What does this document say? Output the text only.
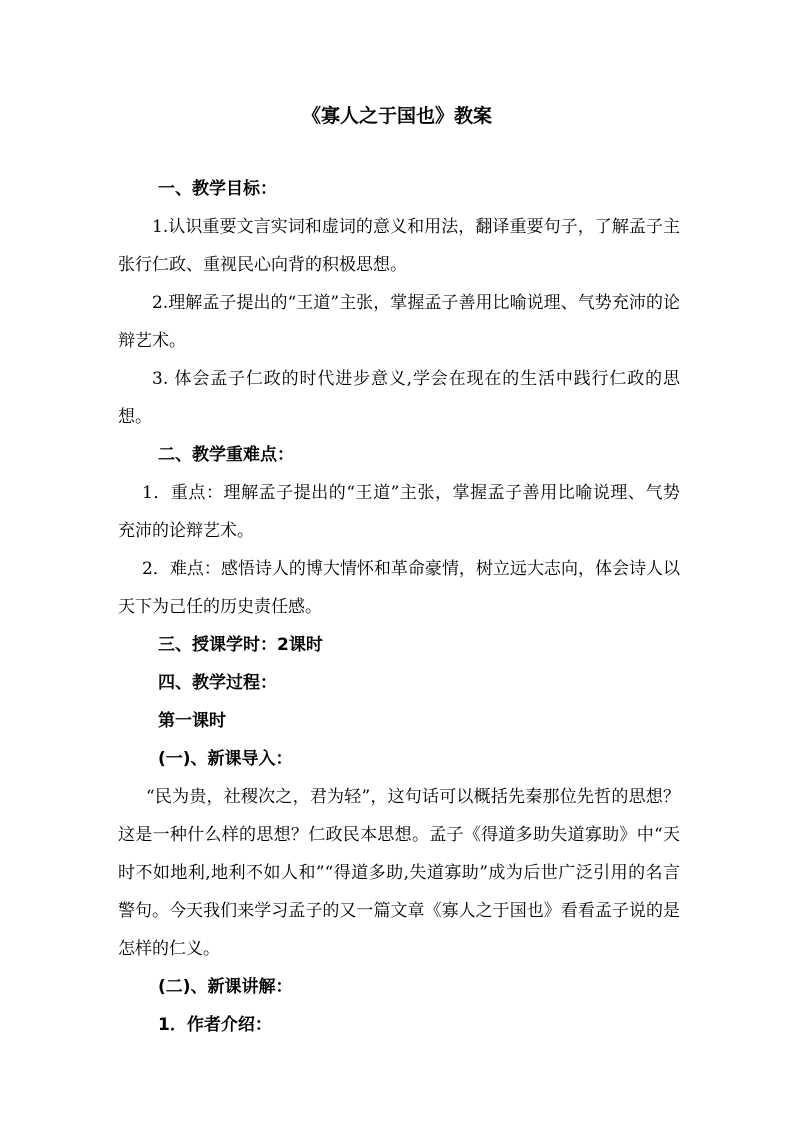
《寡人之于国也》教案

一、教学目标：

1.认识重要文言实词和虚词的意义和用法，翻译重要句子，了解孟子主张行仁政、重视民心向背的积极思想。

2.理解孟子提出的“王道”主张，掌握孟子善用比喻说理、气势充沛的论辩艺术。

3. 体会孟子仁政的时代进步意义,学会在现在的生活中践行仁政的思想。

二、教学重难点：

1．重点：理解孟子提出的“王道”主张，掌握孟子善用比喻说理、气势充沛的论辩艺术。

2．难点：感悟诗人的博大情怀和革命豪情，树立远大志向，体会诗人以天下为己任的历史责任感。

三、授课学时：2课时

四、教学过程：

第一课时

(一)、新课导入：

“民为贵，社稷次之，君为轻”，这句话可以概括先秦那位先哲的思想？这是一种什么样的思想？仁政民本思想。孟子《得道多助失道寡助》中“天时不如地利,地利不如人和”“得道多助,失道寡助”成为后世广泛引用的名言警句。今天我们来学习孟子的又一篇文章《寡人之于国也》看看孟子说的是怎样的仁义。

(二)、新课讲解：

1．作者介绍：
